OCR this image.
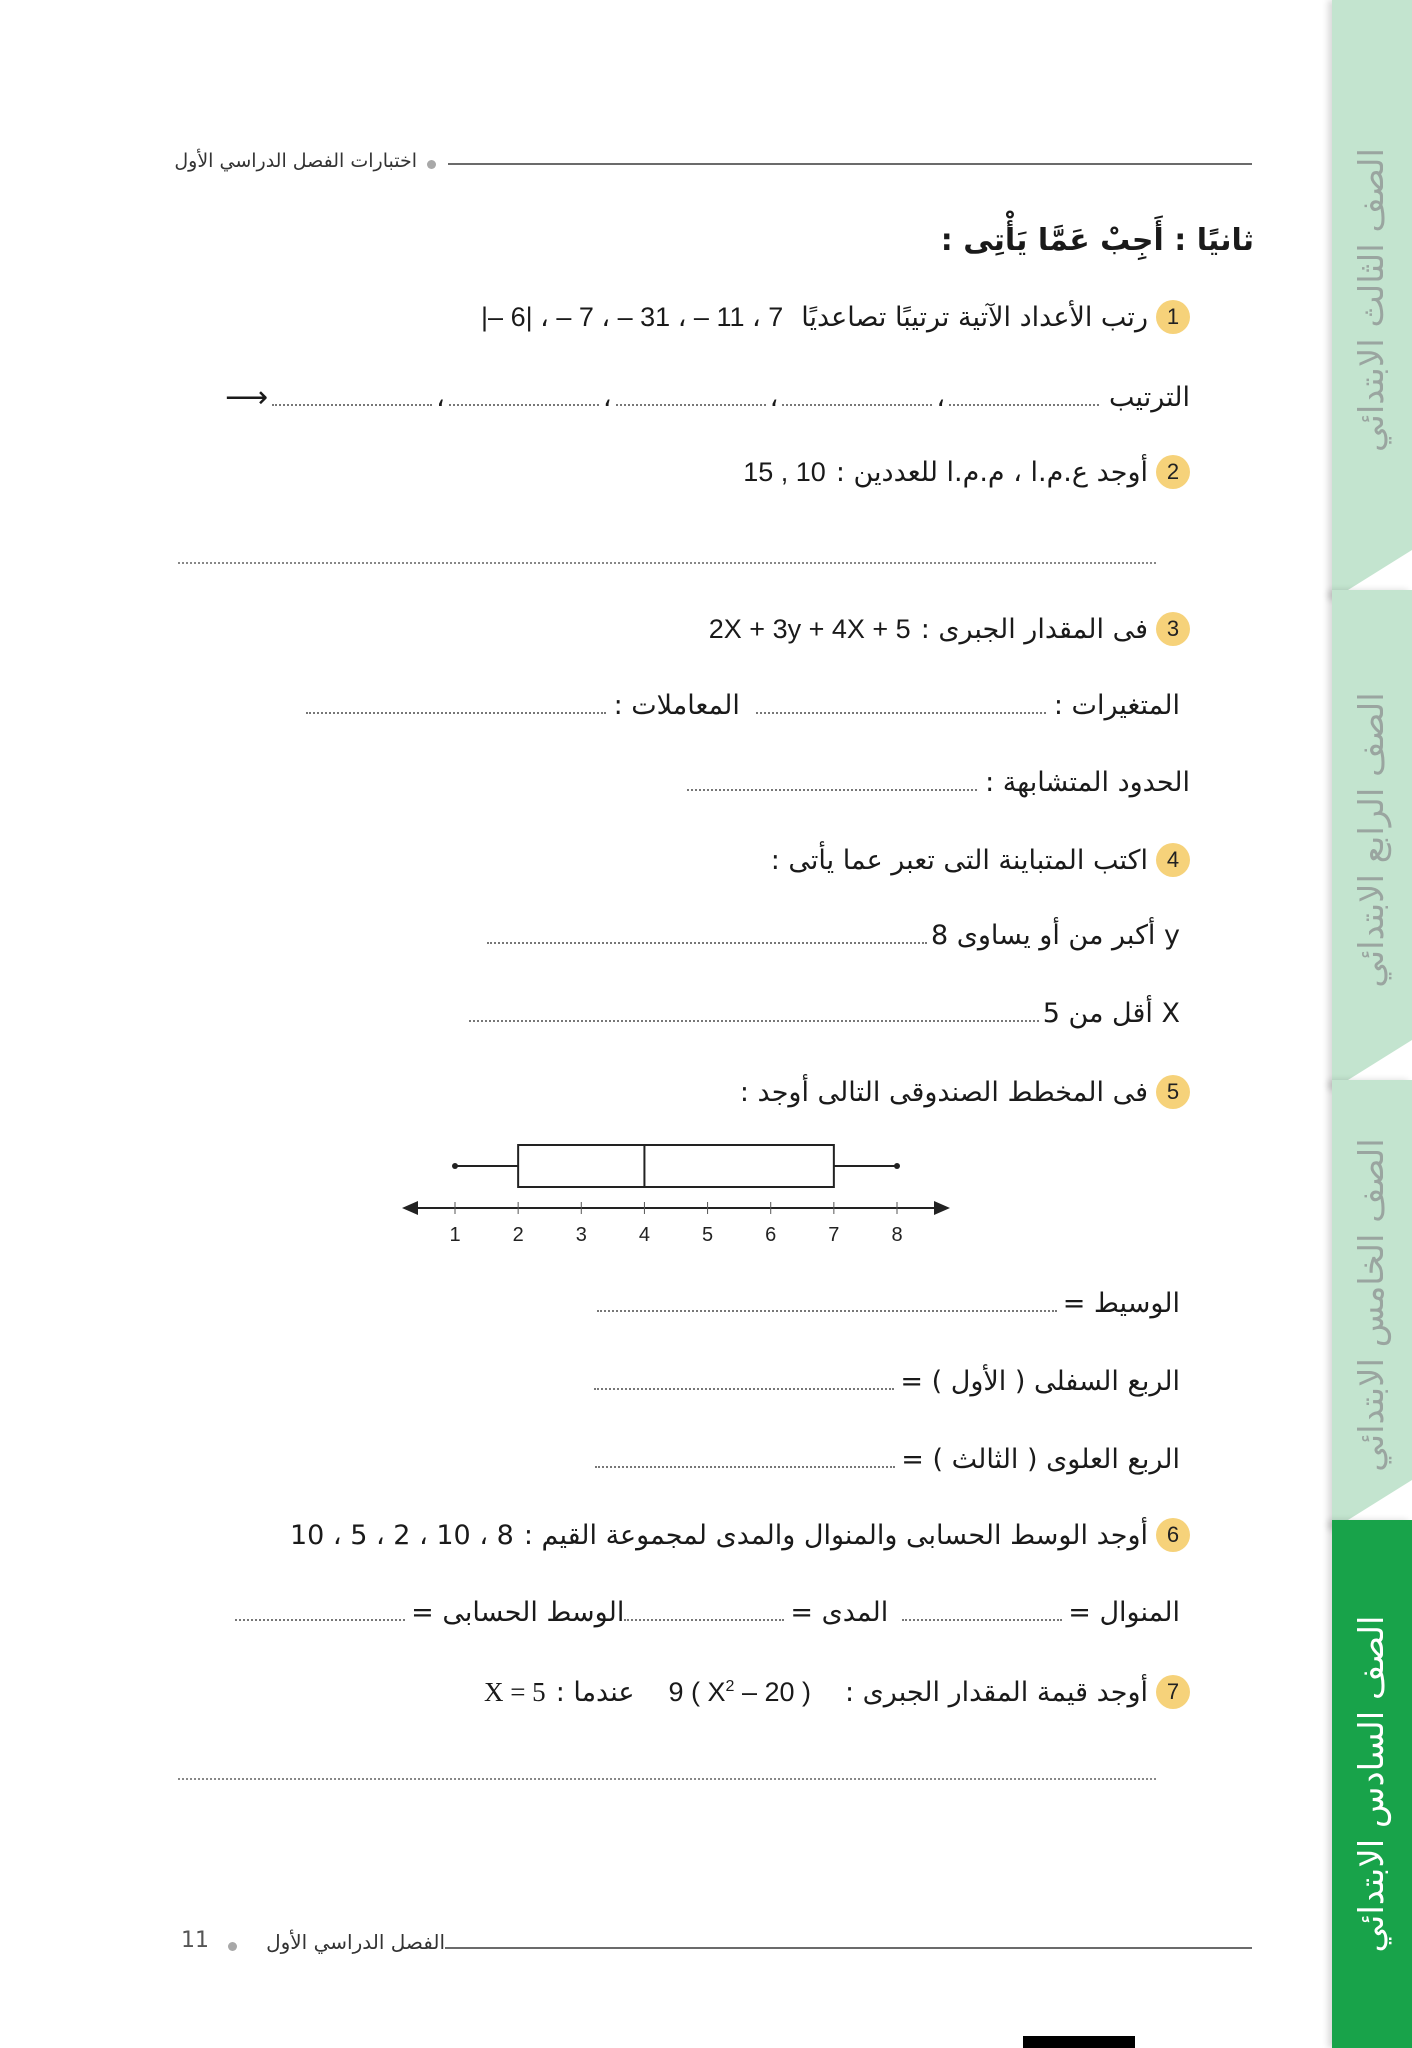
اختبارات الفصل الدراسي الأول
ثانيًا : أَجِبْ عَمَّا يَأْتِى :
1
رتب الأعداد الآتية ترتيبًا تصاعديًا
7 ، 11 – ، 31 – ، 7 – ، |6 –|
الترتيب
،
،
،
،
⟶
2
أوجد ع.م.ا ، م.م.ا للعددين :
15 , 10
3
فى المقدار الجبرى :
2X + 3y + 4X + 5
المتغيرات :
المعاملات :
الحدود المتشابهة :
4
اكتب المتباينة التى تعبر عما يأتى :
y أكبر من أو يساوى 8
X أقل من 5
5
فى المخطط الصندوقى التالى أوجد :
الوسيط =
الربع السفلى ( الأول ) =
الربع العلوى ( الثالث ) =
6
أوجد الوسط الحسابى والمنوال والمدى لمجموعة القيم :
8 ، 10 ، 2 ، 5 ، 10
المنوال =
المدى =
الوسط الحسابى =
7
أوجد قيمة المقدار الجبرى :
9 ( $X^2 - 20$ )
عندما :
X = 5
1	2	3	4	5	6	7	8
الفصل الدراسي الأول
11
الصف الثالث الابتدائي
الصف الرابع الابتدائي
الصف الخامس الابتدائي
الصف السادس الابتدائي
